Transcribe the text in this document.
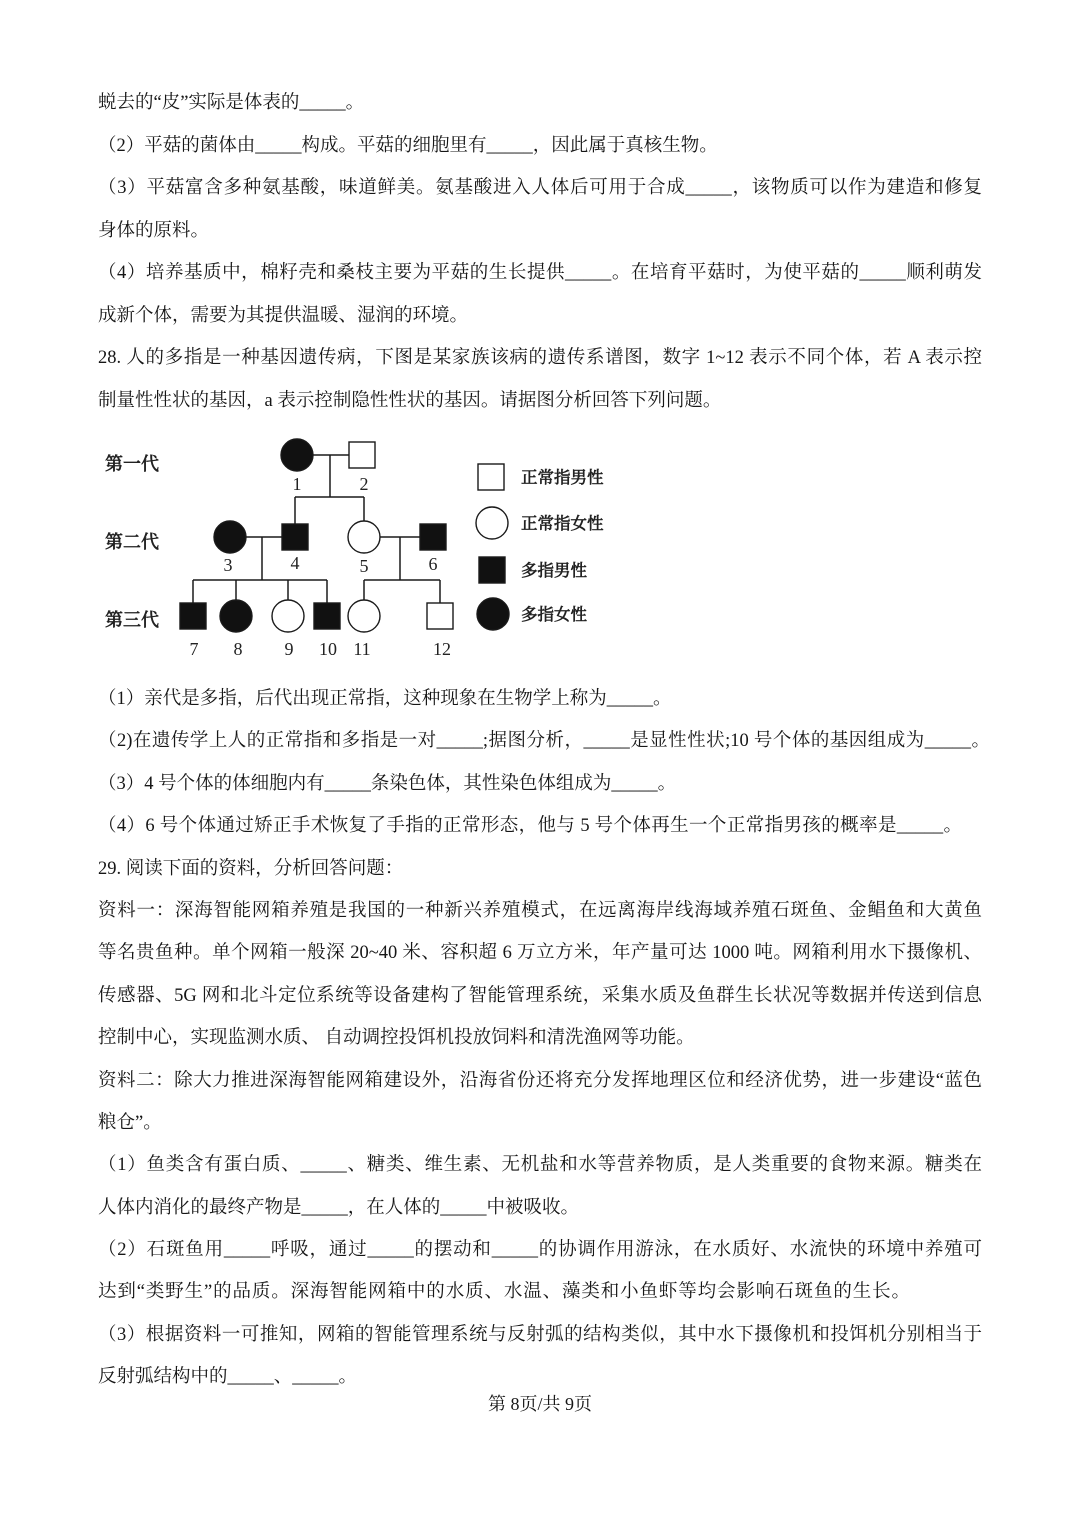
蜕去的“皮”实际是体表的_____。
（2）平菇的菌体由_____构成。平菇的细胞里有_____，因此属于真核生物。
（3）平菇富含多种氨基酸，味道鲜美。氨基酸进入人体后可用于合成_____，该物质可以作为建造和修复
身体的原料。
（4）培养基质中，棉籽壳和桑枝主要为平菇的生长提供_____。在培育平菇时，为使平菇的_____顺利萌发
成新个体，需要为其提供温暖、湿润的环境。
28. 人的多指是一种基因遗传病，下图是某家族该病的遗传系谱图，数字 1~12 表示不同个体，若 A 表示控
制量性性状的基因，a 表示控制隐性性状的基因。请据图分析回答下列问题。
第一代
第二代
第三代
1	2
3	4	5	6
7 8 9 10 11	12
正常指男性
正常指女性
多指男性
多指女性
（1）亲代是多指，后代出现正常指，这种现象在生物学上称为_____。
（2)在遗传学上人的正常指和多指是一对_____;据图分析，_____是显性性状;10 号个体的基因组成为_____。
（3）4 号个体的体细胞内有_____条染色体，其性染色体组成为_____。
（4）6 号个体通过矫正手术恢复了手指的正常形态，他与 5 号个体再生一个正常指男孩的概率是_____。
29. 阅读下面的资料，分析回答问题：
资料一：深海智能网箱养殖是我国的一种新兴养殖模式，在远离海岸线海域养殖石斑鱼、金鲳鱼和大黄鱼
等名贵鱼种。单个网箱一般深 20~40 米、容积超 6 万立方米，年产量可达 1000 吨。网箱利用水下摄像机、
传感器、5G 网和北斗定位系统等设备建构了智能管理系统，采集水质及鱼群生长状况等数据并传送到信息
控制中心，实现监测水质、 自动调控投饵机投放饲料和清洗渔网等功能。
资料二：除大力推进深海智能网箱建设外，沿海省份还将充分发挥地理区位和经济优势，进一步建设“蓝色
粮仓”。
（1）鱼类含有蛋白质、_____、糖类、维生素、无机盐和水等营养物质，是人类重要的食物来源。糖类在
人体内消化的最终产物是_____，在人体的_____中被吸收。
（2）石斑鱼用_____呼吸，通过_____的摆动和_____的协调作用游泳，在水质好、水流快的环境中养殖可
达到“类野生”的品质。深海智能网箱中的水质、水温、藻类和小鱼虾等均会影响石斑鱼的生长。
（3）根据资料一可推知，网箱的智能管理系统与反射弧的结构类似，其中水下摄像机和投饵机分别相当于
反射弧结构中的_____、_____。
第 8页/共 9页
